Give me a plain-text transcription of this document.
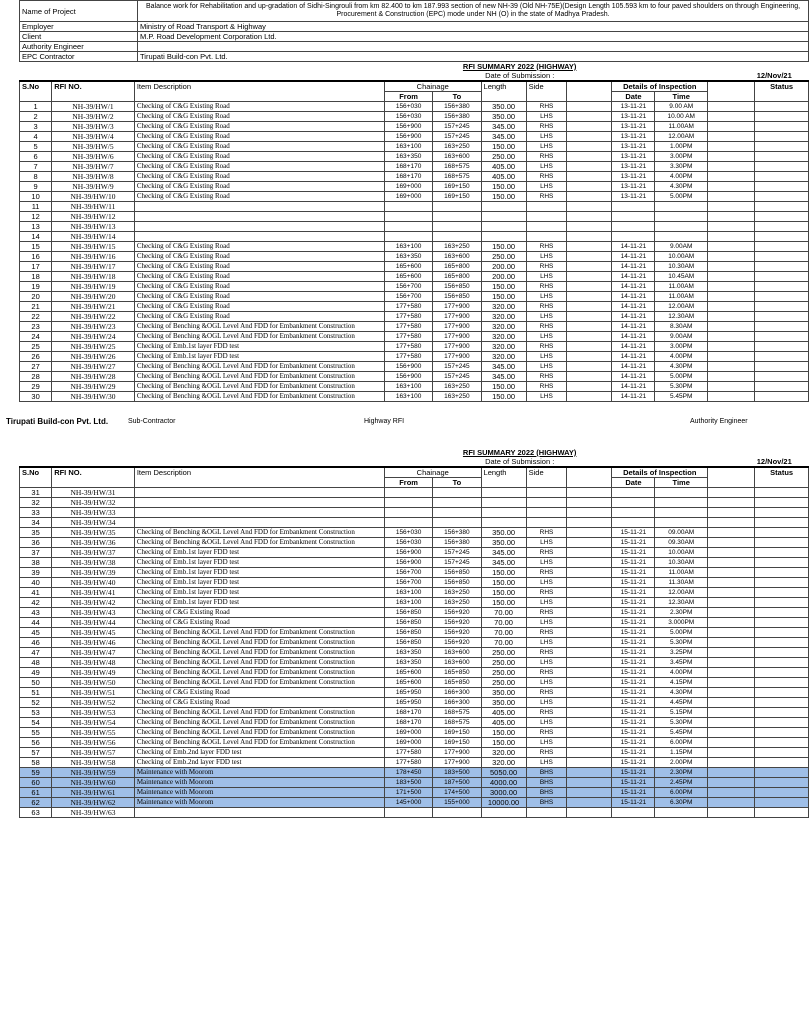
Name of Project	Balance work for Rehabilitation and up-gradation of Sidhi-Singrouli from km 82.400 to km 187.993 section of new NH-39 (Old NH-75E)(Design Length 105.593 km to four paved shoulders on through Engineering, Procurement & Construction (EPC) mode under NH (O) in the state of Madhya Pradesh.
Employer	Ministry of Road Transport & Highway
Client	M.P. Road Development Corporation Ltd.
Authority Engineer	
EPC Contractor	Tirupati Build-con Pvt. Ltd.
			RFI SUMMARY 2022 (HIGHWAY)								
			Date of Submission :								12/Nov/21
S.No	RFI NO.	Item Description	Chainage		Length	Side		Details of Inspection			Status
			From	To				Date	Time		
1	NH-39/HW/1	Checking of C&G Existing Road	156+030	156+380	350.00	RHS		13-11-21	9.00 AM		
2	NH-39/HW/2	Checking of C&G Existing Road	156+030	156+380	350.00	LHS		13-11-21	10.00 AM		
3	NH-39/HW/3	Checking of C&G Existing Road	156+900	157+245	345.00	RHS		13-11-21	11.00AM		
4	NH-39/HW/4	Checking of C&G Existing Road	156+900	157+245	345.00	LHS		13-11-21	12.00AM		
5	NH-39/HW/5	Checking of C&G Existing Road	163+100	163+250	150.00	LHS		13-11-21	1.00PM		
6	NH-39/HW/6	Checking of C&G Existing Road	163+350	163+600	250.00	RHS		13-11-21	3.00PM		
7	NH-39/HW/7	Checking of C&G Existing Road	168+170	168+575	405.00	LHS		13-11-21	3.30PM		
8	NH-39/HW/8	Checking of C&G Existing Road	168+170	168+575	405.00	RHS		13-11-21	4.00PM		
9	NH-39/HW/9	Checking of C&G Existing Road	169+000	169+150	150.00	LHS		13-11-21	4.30PM		
10	NH-39/HW/10	Checking of C&G Existing Road	169+000	169+150	150.00	RHS		13-11-21	5.00PM		
11	NH-39/HW/11										
12	NH-39/HW/12										
13	NH-39/HW/13										
14	NH-39/HW/14										
15	NH-39/HW/15	Checking of C&G Existing Road	163+100	163+250	150.00	RHS		14-11-21	9.00AM		
16	NH-39/HW/16	Checking of C&G Existing Road	163+350	163+600	250.00	LHS		14-11-21	10.00AM		
17	NH-39/HW/17	Checking of C&G Existing Road	165+600	165+800	200.00	RHS		14-11-21	10.30AM		
18	NH-39/HW/18	Checking of C&G Existing Road	165+600	165+800	200.00	LHS		14-11-21	10.45AM		
19	NH-39/HW/19	Checking of C&G Existing Road	156+700	156+850	150.00	RHS		14-11-21	11.00AM		
20	NH-39/HW/20	Checking of C&G Existing Road	156+700	156+850	150.00	LHS		14-11-21	11.00AM		
21	NH-39/HW/21	Checking of C&G Existing Road	177+580	177+900	320.00	RHS		14-11-21	12.00AM		
22	NH-39/HW/22	Checking of C&G Existing Road	177+580	177+900	320.00	LHS		14-11-21	12.30AM		
23	NH-39/HW/23	Checking of Benching &OGL Level And FDD for Embankment Construction	177+580	177+900	320.00	RHS		14-11-21	8.30AM		
24	NH-39/HW/24	Checking of Benching &OGL Level And FDD for Embankment Construction	177+580	177+900	320.00	LHS		14-11-21	9.00AM		
25	NH-39/HW/25	Checking of Emb.1st layer FDD test	177+580	177+900	320.00	RHS		14-11-21	3.00PM		
26	NH-39/HW/26	Checking of Emb.1st layer FDD test	177+580	177+900	320.00	LHS		14-11-21	4.00PM		
27	NH-39/HW/27	Checking of Benching &OGL Level And FDD for Embankment Construction	156+900	157+245	345.00	LHS		14-11-21	4.30PM		
28	NH-39/HW/28	Checking of Benching &OGL Level And FDD for Embankment Construction	156+900	157+245	345.00	RHS		14-11-21	5.00PM		
29	NH-39/HW/29	Checking of Benching &OGL Level And FDD for Embankment Construction	163+100	163+250	150.00	RHS		14-11-21	5.30PM		
30	NH-39/HW/30	Checking of Benching &OGL Level And FDD for Embankment Construction	163+100	163+250	150.00	LHS		14-11-21	5.45PM		
Tirupati Build-con Pvt. Ltd.	Sub-Contractor	Highway RFI	Authority Engineer
			RFI SUMMARY 2022 (HIGHWAY)								
			Date of Submission :								12/Nov/21
S.No	RFI NO.	Item Description	Chainage		Length	Side		Details of Inspection			Status
			From	To				Date	Time		
31	NH-39/HW/31										
32	NH-39/HW/32										
33	NH-39/HW/33										
34	NH-39/HW/34										
35	NH-39/HW/35	Checking of Benching &OGL Level And FDD for Embankment Construction	156+030	156+380	350.00	RHS		15-11-21	09.00AM		
36	NH-39/HW/36	Checking of Benching &OGL Level And FDD for Embankment Construction	156+030	156+380	350.00	LHS		15-11-21	09.30AM		
37	NH-39/HW/37	Checking of Emb.1st layer FDD test	156+900	157+245	345.00	RHS		15-11-21	10.00AM		
38	NH-39/HW/38	Checking of Emb.1st layer FDD test	156+900	157+245	345.00	LHS		15-11-21	10.30AM		
39	NH-39/HW/39	Checking of Emb.1st layer FDD test	156+700	156+850	150.00	RHS		15-11-21	11.00AM		
40	NH-39/HW/40	Checking of Emb.1st layer FDD test	156+700	156+850	150.00	LHS		15-11-21	11.30AM		
41	NH-39/HW/41	Checking of Emb.1st layer FDD test	163+100	163+250	150.00	RHS		15-11-21	12.00AM		
42	NH-39/HW/42	Checking of Emb.1st layer FDD test	163+100	163+250	150.00	LHS		15-11-21	12.30AM		
43	NH-39/HW/43	Checking of C&G Existing Road	156+850	156+920	70.00	RHS		15-11-21	2.30PM		
44	NH-39/HW/44	Checking of C&G Existing Road	156+850	156+920	70.00	LHS		15-11-21	3.000PM		
45	NH-39/HW/45	Checking of Benching &OGL Level And FDD for Embankment Construction	156+850	156+920	70.00	RHS		15-11-21	5.00PM		
46	NH-39/HW/46	Checking of Benching &OGL Level And FDD for Embankment Construction	156+850	156+920	70.00	LHS		15-11-21	5.30PM		
47	NH-39/HW/47	Checking of Benching &OGL Level And FDD for Embankment Construction	163+350	163+600	250.00	RHS		15-11-21	3.25PM		
48	NH-39/HW/48	Checking of Benching &OGL Level And FDD for Embankment Construction	163+350	163+600	250.00	LHS		15-11-21	3.45PM		
49	NH-39/HW/49	Checking of Benching &OGL Level And FDD for Embankment Construction	165+600	165+850	250.00	RHS		15-11-21	4.00PM		
50	NH-39/HW/50	Checking of Benching &OGL Level And FDD for Embankment Construction	165+600	165+850	250.00	LHS		15-11-21	4.15PM		
51	NH-39/HW/51	Checking of C&G Existing Road	165+950	166+300	350.00	RHS		15-11-21	4.30PM		
52	NH-39/HW/52	Checking of C&G Existing Road	165+950	166+300	350.00	LHS		15-11-21	4.45PM		
53	NH-39/HW/53	Checking of Benching &OGL Level And FDD for Embankment Construction	168+170	168+575	405.00	RHS		15-11-21	5.15PM		
54	NH-39/HW/54	Checking of Benching &OGL Level And FDD for Embankment Construction	168+170	168+575	405.00	LHS		15-11-21	5.30PM		
55	NH-39/HW/55	Checking of Benching &OGL Level And FDD for Embankment Construction	169+000	169+150	150.00	RHS		15-11-21	5.45PM		
56	NH-39/HW/56	Checking of Benching &OGL Level And FDD for Embankment Construction	169+000	169+150	150.00	LHS		15-11-21	6.00PM		
57	NH-39/HW/57	Checking of Emb.2nd layer FDD test	177+580	177+900	320.00	RHS		15-11-21	1.15PM		
58	NH-39/HW/58	Checking of Emb.2nd layer FDD test	177+580	177+900	320.00	LHS		15-11-21	2.00PM		
59	NH-39/HW/59	Maintenance with Moorom	178+450	183+500	5050.00	BHS		15-11-21	2.30PM		
60	NH-39/HW/60	Maintenance with Moorom	183+500	187+500	4000.00	BHS		15-11-21	2.45PM		
61	NH-39/HW/61	Maintenance with Moorom	171+500	174+500	3000.00	BHS		15-11-21	6.00PM		
62	NH-39/HW/62	Maintenance with Moorom	145+000	155+000	10000.00	BHS		15-11-21	6.30PM		
63	NH-39/HW/63										
